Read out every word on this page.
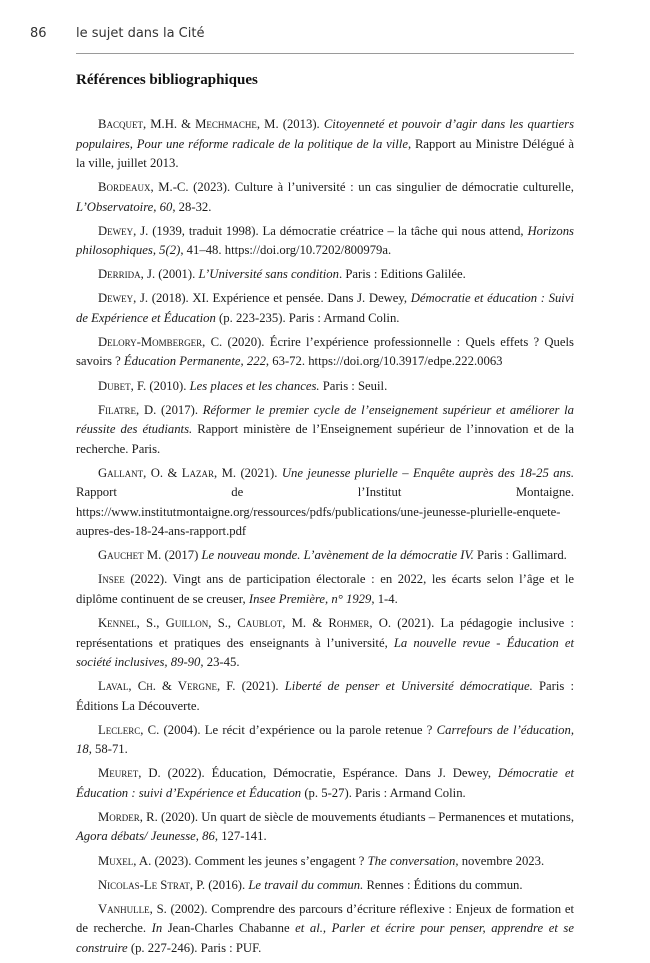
86 le sujet dans la Cité
Références bibliographiques

Bacquet, M.H. & Mechmache, M. (2013). Citoyenneté et pouvoir d’agir dans les quartiers populaires, Pour une réforme radicale de la politique de la ville, Rapport au Ministre Délégué à la ville, juillet 2013.

Bordeaux, M.-C. (2023). Culture à l’université : un cas singulier de démocratie culturelle, L’Observatoire, 60, 28-32.

Dewey, J. (1939, traduit 1998). La démocratie créatrice – la tâche qui nous attend, Horizons philosophiques, 5(2), 41–48. https://doi.org/10.7202/800979a.

Derrida, J. (2001). L’Université sans condition. Paris : Editions Galilée.

Dewey, J. (2018). XI. Expérience et pensée. Dans J. Dewey, Démocratie et éducation : Suivi de Expérience et Éducation (p. 223-235). Paris : Armand Colin.

Delory-Momberger, C. (2020). Écrire l’expérience professionnelle : Quels effets ? Quels savoirs ? Éducation Permanente, 222, 63-72. https://doi.org/10.3917/edpe.222.0063

Dubet, F. (2010). Les places et les chances. Paris : Seuil.

Filatre, D. (2017). Réformer le premier cycle de l’enseignement supérieur et améliorer la réussite des étudiants. Rapport ministère de l’Enseignement supérieur de l’innovation et de la recherche. Paris.

Gallant, O. & Lazar, M. (2021). Une jeunesse plurielle – Enquête auprès des 18-25 ans. Rapport de l’Institut Montaigne. https://www.institutmontaigne.org/ressources/pdfs/publications/une-jeunesse-plurielle-enquete-aupres-des-18-24-ans-rapport.pdf

Gauchet M. (2017) Le nouveau monde. L’avènement de la démocratie IV. Paris : Gallimard.

Insee (2022). Vingt ans de participation électorale : en 2022, les écarts selon l’âge et le diplôme continuent de se creuser, Insee Première, n° 1929, 1-4.

Kennel, S., Guillon, S., Caublot, M. & Rohmer, O. (2021). La pédagogie inclusive : représentations et pratiques des enseignants à l’université, La nouvelle revue - Éducation et société inclusives, 89-90, 23-45.

Laval, Ch. & Vergne, F. (2021). Liberté de penser et Université démocratique. Paris : Éditions La Découverte.

Leclerc, C. (2004). Le récit d’expérience ou la parole retenue ? Carrefours de l’éducation, 18, 58-71.

Meuret, D. (2022). Éducation, Démocratie, Espérance. Dans J. Dewey, Démocratie et Éducation : suivi d’Expérience et Éducation (p. 5-27). Paris : Armand Colin.

Morder, R. (2020). Un quart de siècle de mouvements étudiants – Permanences et mutations, Agora débats/ Jeunesse, 86, 127-141.

Muxel, A. (2023). Comment les jeunes s’engagent ? The conversation, novembre 2023.

Nicolas-Le Strat, P. (2016). Le travail du commun. Rennes : Éditions du commun.

Vanhulle, S. (2002). Comprendre des parcours d’écriture réflexive : Enjeux de formation et de recherche. In Jean-Charles Chabanne et al., Parler et écrire pour penser, apprendre et se construire (p. 227-246). Paris : PUF.
